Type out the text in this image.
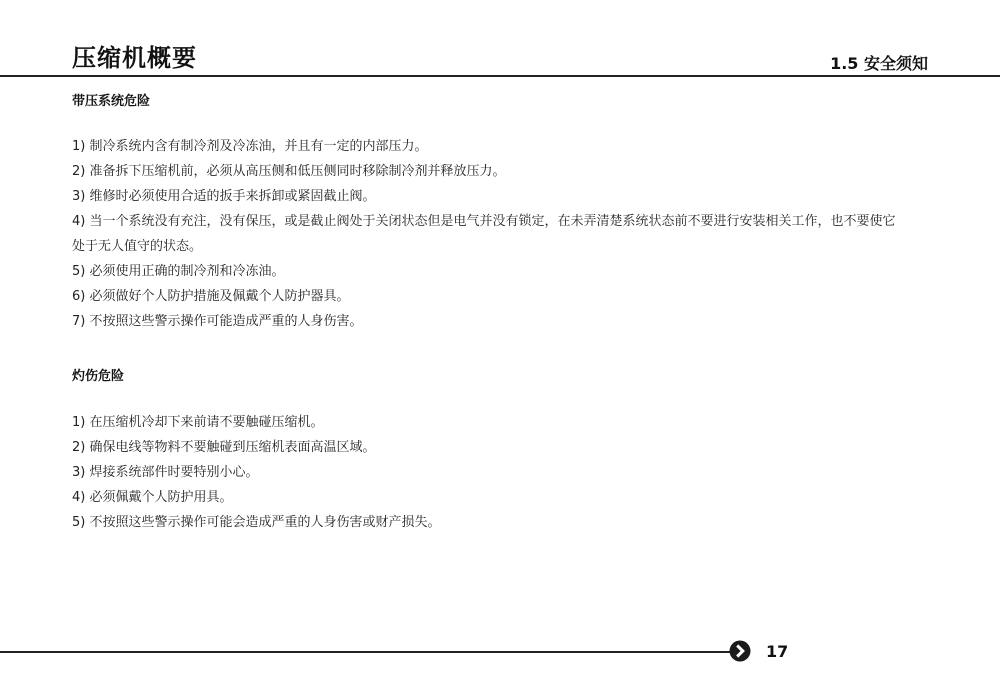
压缩机概要	1.5 安全须知
带压系统危险
1) 制冷系统内含有制冷剂及冷冻油，并且有一定的内部压力。
2) 准备拆下压缩机前，必须从高压侧和低压侧同时移除制冷剂并释放压力。
3) 维修时必须使用合适的扳手来拆卸或紧固截止阀。
4) 当一个系统没有充注，没有保压，或是截止阀处于关闭状态但是电气并没有锁定，在未弄清楚系统状态前不要进行安装相关工作，也不要使它
处于无人值守的状态。
5) 必须使用正确的制冷剂和冷冻油。
6) 必须做好个人防护措施及佩戴个人防护器具。
7) 不按照这些警示操作可能造成严重的人身伤害。
灼伤危险
1) 在压缩机冷却下来前请不要触碰压缩机。
2) 确保电线等物料不要触碰到压缩机表面高温区域。
3) 焊接系统部件时要特别小心。
4) 必须佩戴个人防护用具。
5) 不按照这些警示操作可能会造成严重的人身伤害或财产损失。
17
